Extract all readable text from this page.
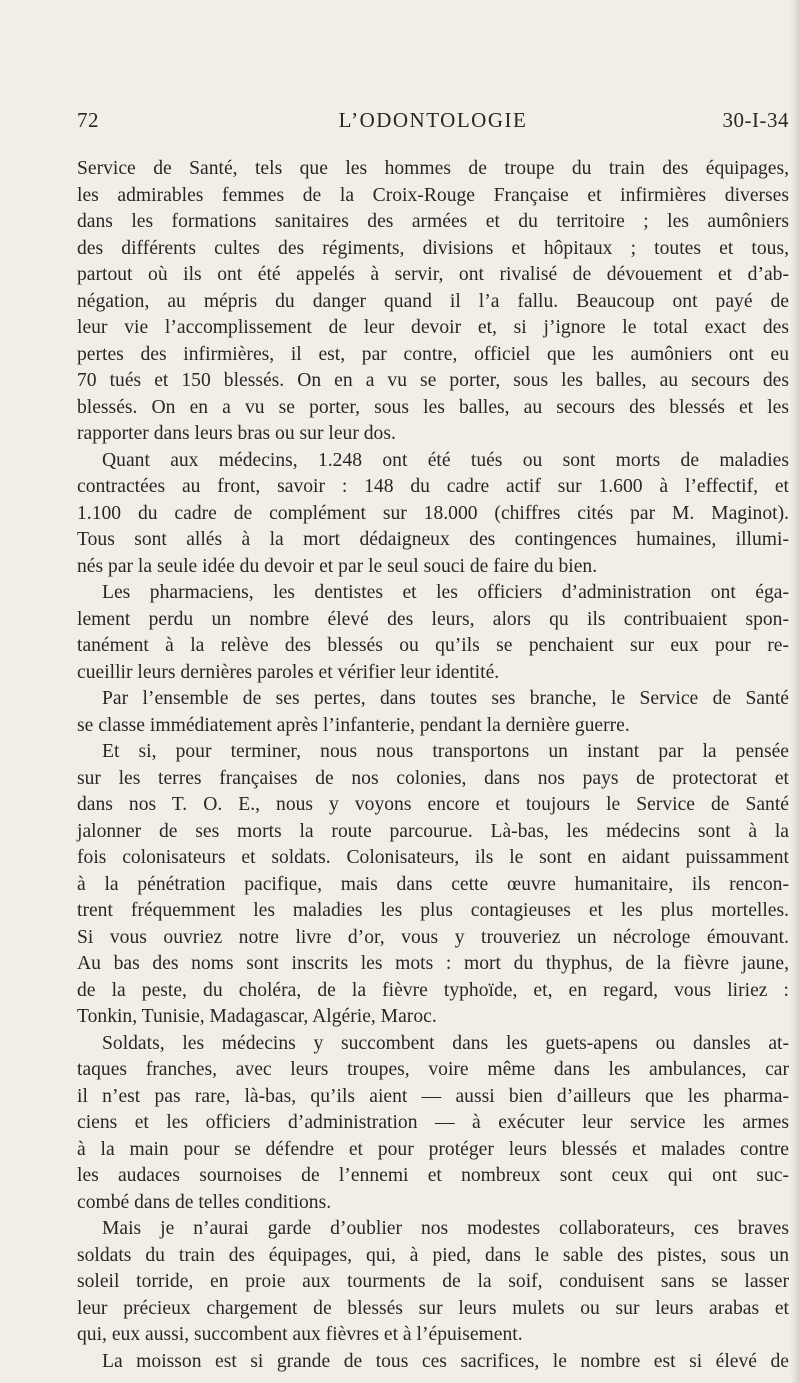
72	L’ODONTOLOGIE	30-I-34
Service de Santé, tels que les hommes de troupe du train des équipages,
les admirables femmes de la Croix-Rouge Française et infirmières diverses
dans les formations sanitaires des armées et du territoire ; les aumôniers
des différents cultes des régiments, divisions et hôpitaux ; toutes et tous,
partout où ils ont été appelés à servir, ont rivalisé de dévouement et d’ab-
négation, au mépris du danger quand il l’a fallu. Beaucoup ont payé de
leur vie l’accomplissement de leur devoir et, si j’ignore le total exact des
pertes des infirmières, il est, par contre, officiel que les aumôniers ont eu
70 tués et 150 blessés. On en a vu se porter, sous les balles, au secours des
blessés. On en a vu se porter, sous les balles, au secours des blessés et les
rapporter dans leurs bras ou sur leur dos.
Quant aux médecins, 1.248 ont été tués ou sont morts de maladies
contractées au front, savoir : 148 du cadre actif sur 1.600 à l’effectif, et
1.100 du cadre de complément sur 18.000 (chiffres cités par M. Maginot).
Tous sont allés à la mort dédaigneux des contingences humaines, illumi-
nés par la seule idée du devoir et par le seul souci de faire du bien.
Les pharmaciens, les dentistes et les officiers d’administration ont éga-
lement perdu un nombre élevé des leurs, alors qu ils contribuaient spon-
tanément à la relève des blessés ou qu’ils se penchaient sur eux pour re-
cueillir leurs dernières paroles et vérifier leur identité.
Par l’ensemble de ses pertes, dans toutes ses branche, le Service de Santé
se classe immédiatement après l’infanterie, pendant la dernière guerre.
Et si, pour terminer, nous nous transportons un instant par la pensée
sur les terres françaises de nos colonies, dans nos pays de protectorat et
dans nos T. O. E., nous y voyons encore et toujours le Service de Santé
jalonner de ses morts la route parcourue. Là-bas, les médecins sont à la
fois colonisateurs et soldats. Colonisateurs, ils le sont en aidant puissamment
à la pénétration pacifique, mais dans cette œuvre humanitaire, ils rencon-
trent fréquemment les maladies les plus contagieuses et les plus mortelles.
Si vous ouvriez notre livre d’or, vous y trouveriez un nécrologe émouvant.
Au bas des noms sont inscrits les mots : mort du thyphus, de la fièvre jaune,
de la peste, du choléra, de la fièvre typhoïde, et, en regard, vous liriez :
Tonkin, Tunisie, Madagascar, Algérie, Maroc.
Soldats, les médecins y succombent dans les guets-apens ou dansles at-
taques franches, avec leurs troupes, voire même dans les ambulances, car
il n’est pas rare, là-bas, qu’ils aient — aussi bien d’ailleurs que les pharma-
ciens et les officiers d’administration — à exécuter leur service les armes
à la main pour se défendre et pour protéger leurs blessés et malades contre
les audaces sournoises de l’ennemi et nombreux sont ceux qui ont suc-
combé dans de telles conditions.
Mais je n’aurai garde d’oublier nos modestes collaborateurs, ces braves
soldats du train des équipages, qui, à pied, dans le sable des pistes, sous un
soleil torride, en proie aux tourments de la soif, conduisent sans se lasser
leur précieux chargement de blessés sur leurs mulets ou sur leurs arabas et
qui, eux aussi, succombent aux fièvres et à l’épuisement.
La moisson est si grande de tous ces sacrifices, le nombre est si élevé de
